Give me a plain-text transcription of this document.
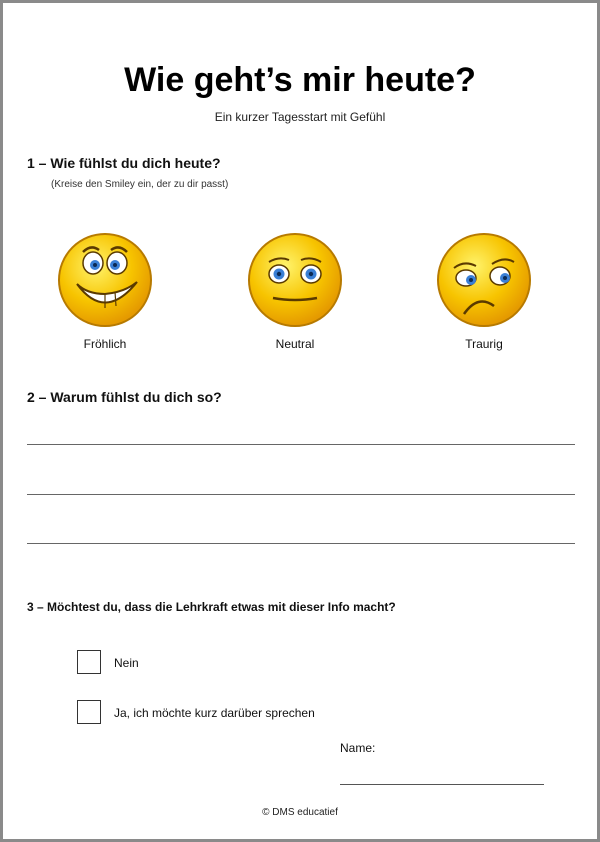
Wie geht’s mir heute?
Ein kurzer Tagesstart mit Gefühl
1 – Wie fühlst du dich heute?
(Kreise den Smiley ein, der zu dir passt)
Fröhlich	Neutral	Traurig
2 – Warum fühlst du dich so?
3 – Möchtest du, dass die Lehrkraft etwas mit dieser Info macht?
Nein
Ja, ich möchte kurz darüber sprechen
Name:
© DMS educatief
